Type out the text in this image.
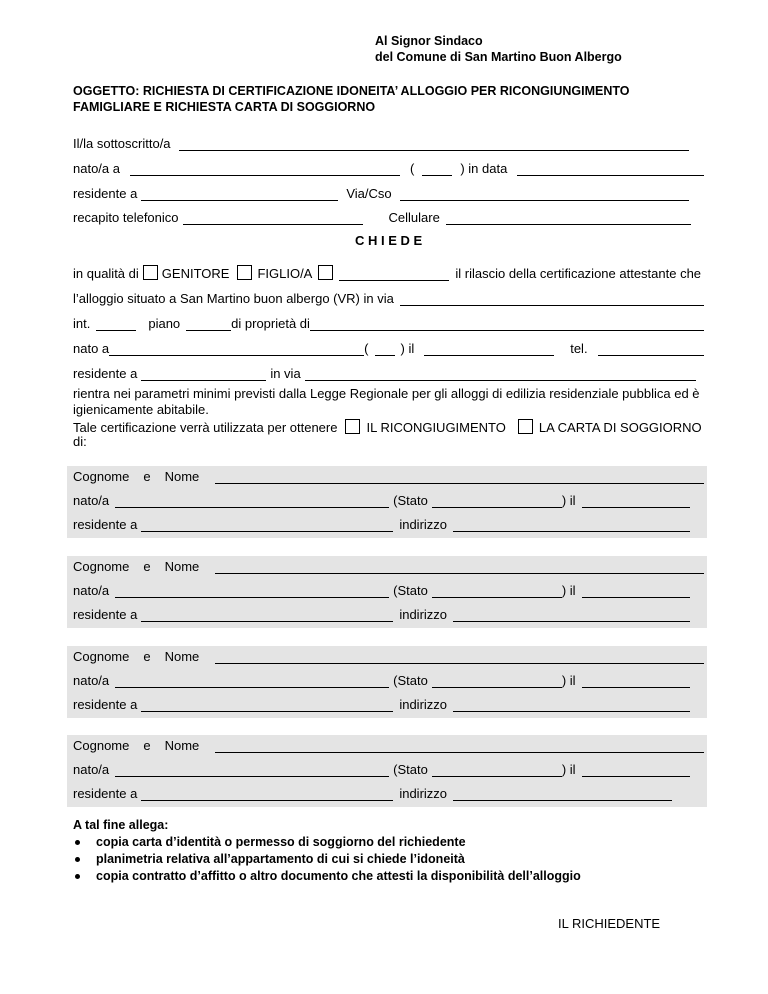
Al Signor Sindaco
del Comune di San Martino Buon Albergo
OGGETTO: RICHIESTA DI CERTIFICAZIONE IDONEITA’ ALLOGGIO PER RICONGIUNGIMENTO
FAMIGLIARE E RICHIESTA CARTA DI SOGGIORNO
Il/la sottoscritto/a
nato/a a	(	) in data
residente a	Via/Cso
recapito telefonico	Cellulare
C H I E D E
in qualità di GENITORE FIGLIO/A	il rilascio della certificazione attestante che
l’alloggio situato a San Martino buon albergo (VR) in via
int.	piano	di proprietà di
nato a	( ) il	tel.
residente a	in via
rientra nei parametri minimi previsti dalla Legge Regionale per gli alloggi di edilizia residenziale pubblica ed è
igienicamente abitabile.
Tale certificazione verrà utilizzata per ottenere IL RICONGIUGIMENTO	LA CARTA DI SOGGIORNO
di:
Cognome e Nome
nato/a	(Stato	) il
residente a	indirizzo
Cognome e Nome
nato/a	(Stato	) il
residente a	indirizzo
Cognome e Nome
nato/a	(Stato	) il
residente a	indirizzo
Cognome e Nome
nato/a	(Stato	) il
residente a	indirizzo
A tal fine allega:
copia carta d’identità o permesso di soggiorno del richiedente
planimetria relativa all’appartamento di cui si chiede l’idoneità
copia contratto d’affitto o altro documento che attesti la disponibilità dell’alloggio
IL RICHIEDENTE
